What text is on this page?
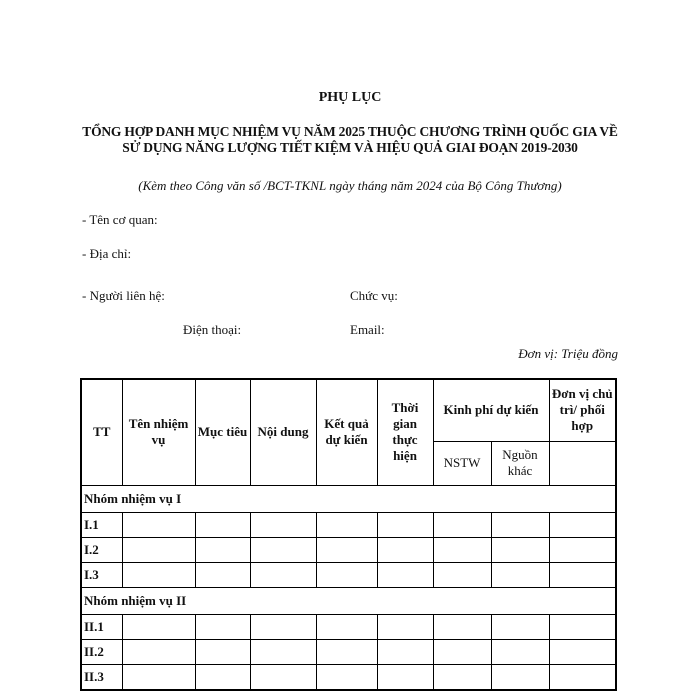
PHỤ LỤC
TỔNG HỢP DANH MỤC NHIỆM VỤ NĂM 2025 THUỘC CHƯƠNG TRÌNH QUỐC GIA VỀ SỬ DỤNG NĂNG LƯỢNG TIẾT KIỆM VÀ HIỆU QUẢ GIAI ĐOẠN 2019-2030
(Kèm theo Công văn số /BCT-TKNL ngày tháng năm 2024 của Bộ Công Thương)
- Tên cơ quan:
- Địa chỉ:
- Người liên hệ:	Chức vụ:
Điện thoại:	Email:
Đơn vị: Triệu đồng
TT	Tên nhiệm vụ	Mục tiêu	Nội dung	Kết quả dự kiến	Thời gian thực hiện	Kinh phí dự kiến		Đơn vị chủ trì/ phối hợp
						NSTW	Nguồn khác	
Nhóm nhiệm vụ I								
I.1								
I.2								
I.3								
Nhóm nhiệm vụ II								
II.1								
II.2								
II.3								
